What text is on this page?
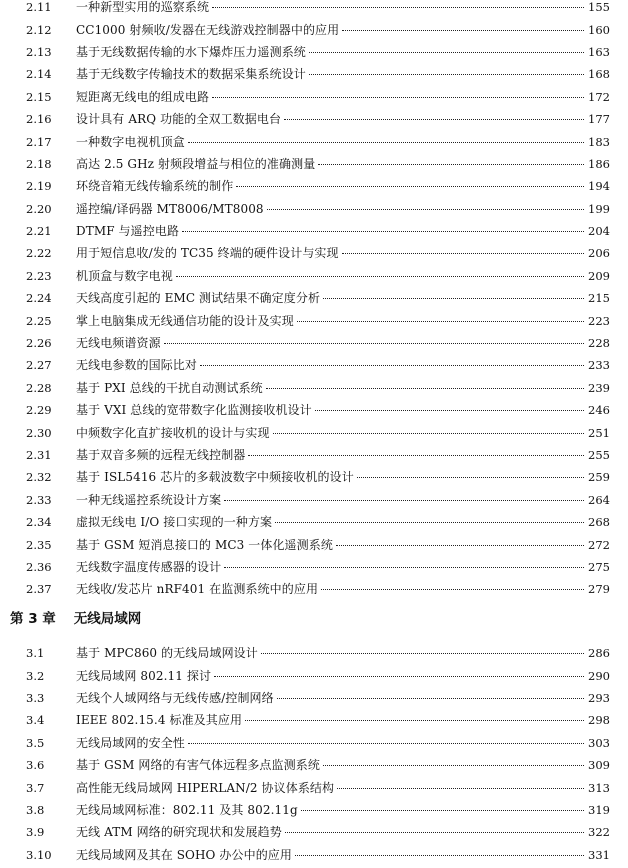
2.11	一种新型实用的巡察系统	155
2.12	CC1000 射频收/发器在无线游戏控制器中的应用	160
2.13	基于无线数据传输的水下爆炸压力遥测系统	163
2.14	基于无线数字传输技术的数据采集系统设计	168
2.15	短距离无线电的组成电路	172
2.16	设计具有 ARQ 功能的全双工数据电台	177
2.17	一种数字电视机顶盒	183
2.18	高达 2.5 GHz 射频段增益与相位的准确测量	186
2.19	环绕音箱无线传输系统的制作	194
2.20	遥控编/译码器 MT8006/MT8008	199
2.21	DTMF 与遥控电路	204
2.22	用于短信息收/发的 TC35 终端的硬件设计与实现	206
2.23	机顶盒与数字电视	209
2.24	天线高度引起的 EMC 测试结果不确定度分析	215
2.25	掌上电脑集成无线通信功能的设计及实现	223
2.26	无线电频谱资源	228
2.27	无线电参数的国际比对	233
2.28	基于 PXI 总线的干扰自动测试系统	239
2.29	基于 VXI 总线的宽带数字化监测接收机设计	246
2.30	中频数字化直扩接收机的设计与实现	251
2.31	基于双音多频的远程无线控制器	255
2.32	基于 ISL5416 芯片的多载波数字中频接收机的设计	259
2.33	一种无线遥控系统设计方案	264
2.34	虚拟无线电 I/O 接口实现的一种方案	268
2.35	基于 GSM 短消息接口的 MC3 一体化遥测系统	272
2.36	无线数字温度传感器的设计	275
2.37	无线收/发芯片 nRF401 在监测系统中的应用	279
第 3 章 无线局域网
3.1	基于 MPC860 的无线局域网设计	286
3.2	无线局域网 802.11 探讨	290
3.3	无线个人域网络与无线传感/控制网络	293
3.4	IEEE 802.15.4 标准及其应用	298
3.5	无线局域网的安全性	303
3.6	基于 GSM 网络的有害气体远程多点监测系统	309
3.7	高性能无线局域网 HIPERLAN/2 协议体系结构	313
3.8	无线局域网标准：802.11 及其 802.11g	319
3.9	无线 ATM 网络的研究现状和发展趋势	322
3.10	无线局域网及其在 SOHO 办公中的应用	331
